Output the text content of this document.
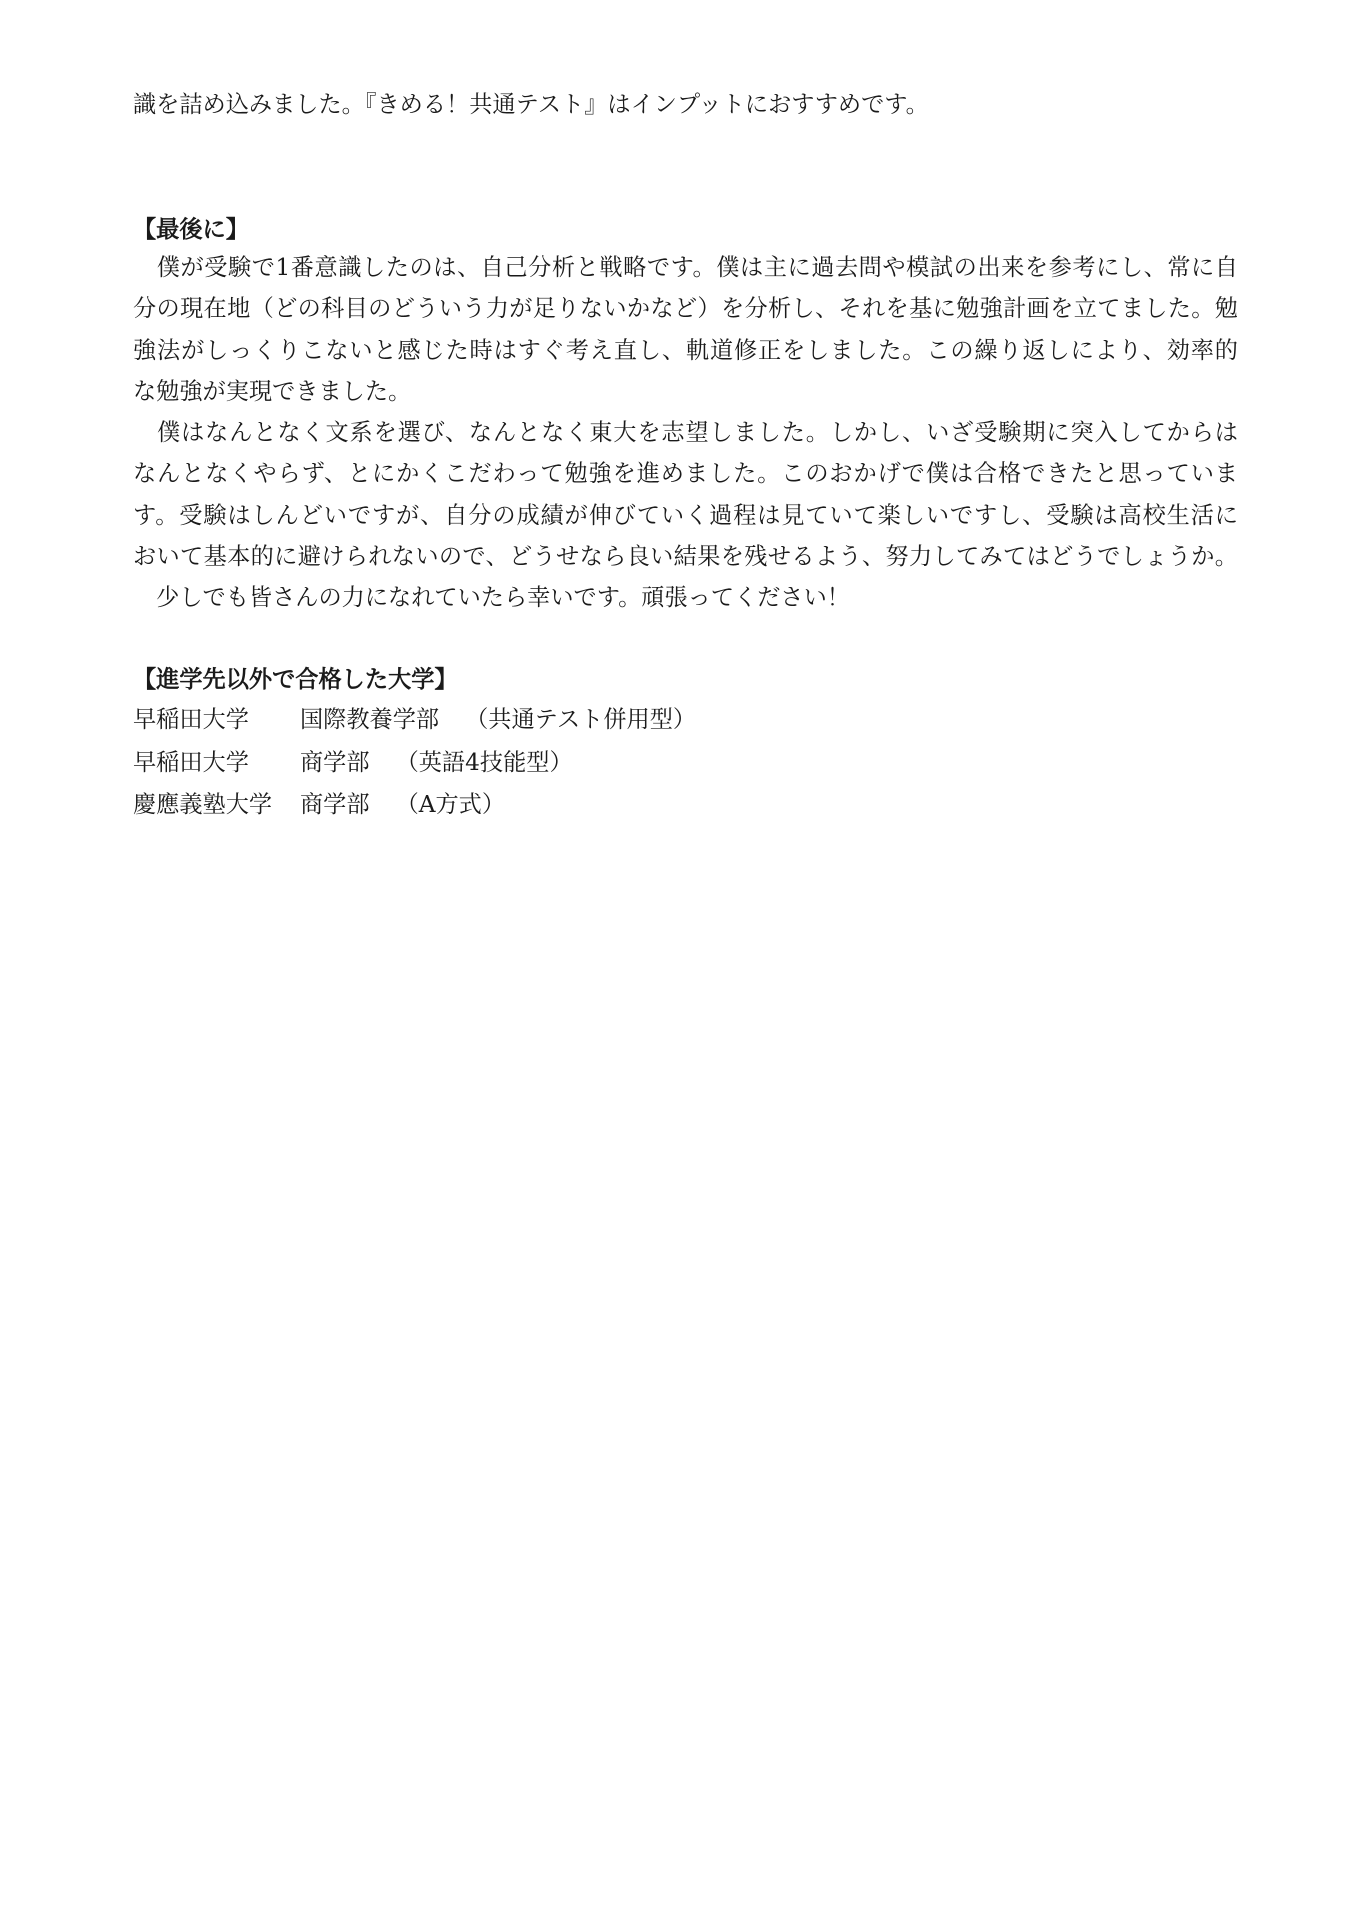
識を詰め込みました。『きめる！共通テスト』はインプットにおすすめです。
【最後に】
　僕が受験で1番意識したのは、自己分析と戦略です。僕は主に過去問や模試の出来を参考にし、常に自
分の現在地（どの科目のどういう力が足りないかなど）を分析し、それを基に勉強計画を立てました。勉
強法がしっくりこないと感じた時はすぐ考え直し、軌道修正をしました。この繰り返しにより、効率的
な勉強が実現できました。
　僕はなんとなく文系を選び、なんとなく東大を志望しました。しかし、いざ受験期に突入してからは
なんとなくやらず、とにかくこだわって勉強を進めました。このおかげで僕は合格できたと思っていま
す。受験はしんどいですが、自分の成績が伸びていく過程は見ていて楽しいですし、受験は高校生活に
おいて基本的に避けられないので、どうせなら良い結果を残せるよう、努力してみてはどうでしょうか。
　少しでも皆さんの力になれていたら幸いです。頑張ってください！
【進学先以外で合格した大学】
早稲田大学	国際教養学部 （共通テスト併用型）
早稲田大学	商学部 （英語4技能型）
慶應義塾大学	商学部 （A方式）
